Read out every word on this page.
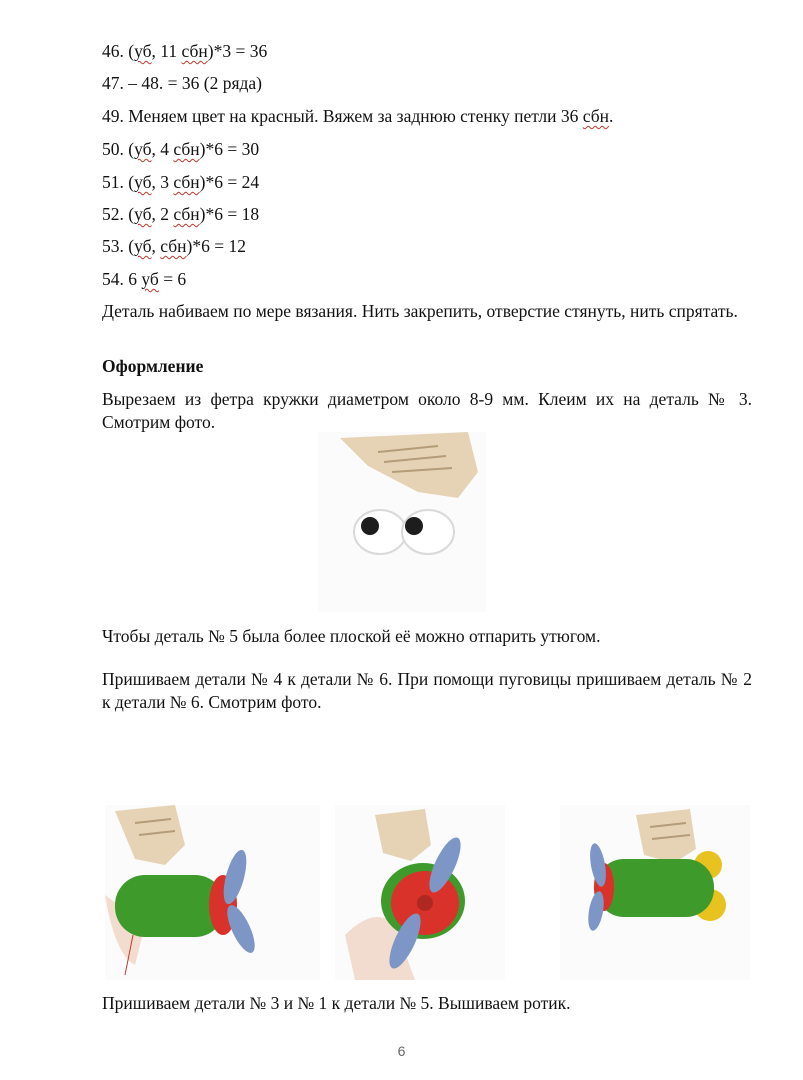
46. (уб, 11 сбн)*3 = 36
47. – 48. = 36 (2 ряда)
49. Меняем цвет на красный. Вяжем за заднюю стенку петли 36 сбн.
50. (уб, 4 сбн)*6 = 30
51. (уб, 3 сбн)*6 = 24
52. (уб, 2 сбн)*6 = 18
53. (уб, сбн)*6 = 12
54. 6 уб = 6
Деталь набиваем по мере вязания. Нить закрепить, отверстие стянуть, нить спрятать.
Оформление
Вырезаем из фетра кружки диаметром около 8-9 мм. Клеим их на деталь № 3. Смотрим фото.
Чтобы деталь № 5 была более плоской её можно отпарить утюгом.
Пришиваем детали № 4 к детали № 6. При помощи пуговицы пришиваем деталь № 2 к детали № 6. Смотрим фото.
Пришиваем детали № 3 и № 1 к детали № 5. Вышиваем ротик.
6
